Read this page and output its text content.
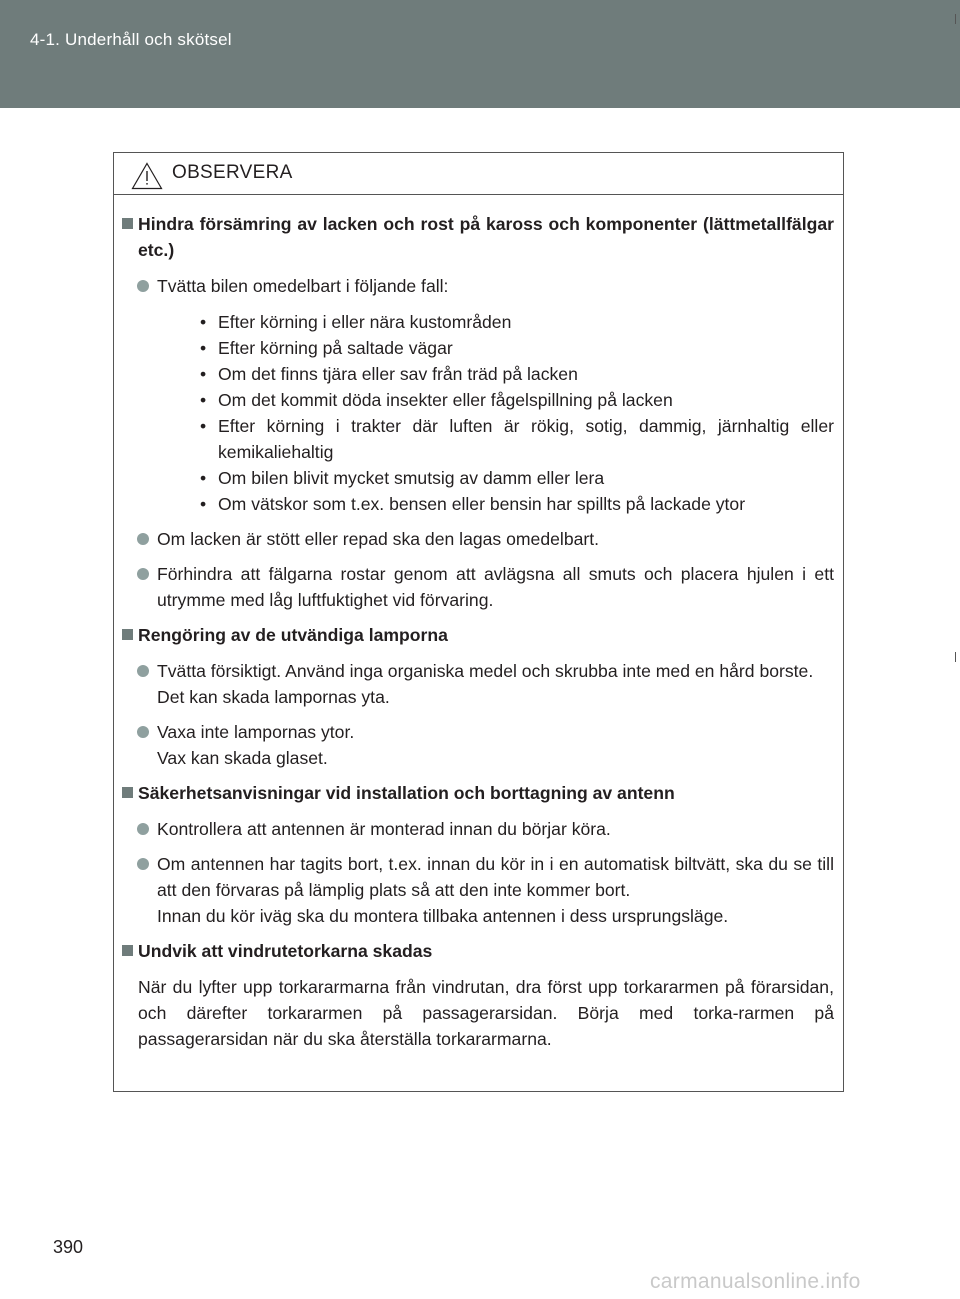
4-1. Underhåll och skötsel
OBSERVERA
Hindra försämring av lacken och rost på kaross och komponenter (lättmetallfälgar etc.)
Tvätta bilen omedelbart i följande fall:
• Efter körning i eller nära kustområden
• Efter körning på saltade vägar
• Om det finns tjära eller sav från träd på lacken
• Om det kommit döda insekter eller fågelspillning på lacken
• Efter körning i trakter där luften är rökig, sotig, dammig, järnhaltig eller kemikaliehaltig
• Om bilen blivit mycket smutsig av damm eller lera
• Om vätskor som t.ex. bensen eller bensin har spillts på lackade ytor
Om lacken är stött eller repad ska den lagas omedelbart.
Förhindra att fälgarna rostar genom att avlägsna all smuts och placera hjulen i ett utrymme med låg luftfuktighet vid förvaring.
Rengöring av de utvändiga lamporna
Tvätta försiktigt. Använd inga organiska medel och skrubba inte med en hård borste.
Det kan skada lampornas yta.
Vaxa inte lampornas ytor.
Vax kan skada glaset.
Säkerhetsanvisningar vid installation och borttagning av antenn
Kontrollera att antennen är monterad innan du börjar köra.
Om antennen har tagits bort, t.ex. innan du kör in i en automatisk biltvätt, ska du se till att den förvaras på lämplig plats så att den inte kommer bort.
Innan du kör iväg ska du montera tillbaka antennen i dess ursprungsläge.
Undvik att vindrutetorkarna skadas
När du lyfter upp torkararmarna från vindrutan, dra först upp torkararmen på förarsidan, och därefter torkararmen på passagerarsidan. Börja med torka-rarmen på passagerarsidan när du ska återställa torkararmarna.
390
carmanualsonline.info
